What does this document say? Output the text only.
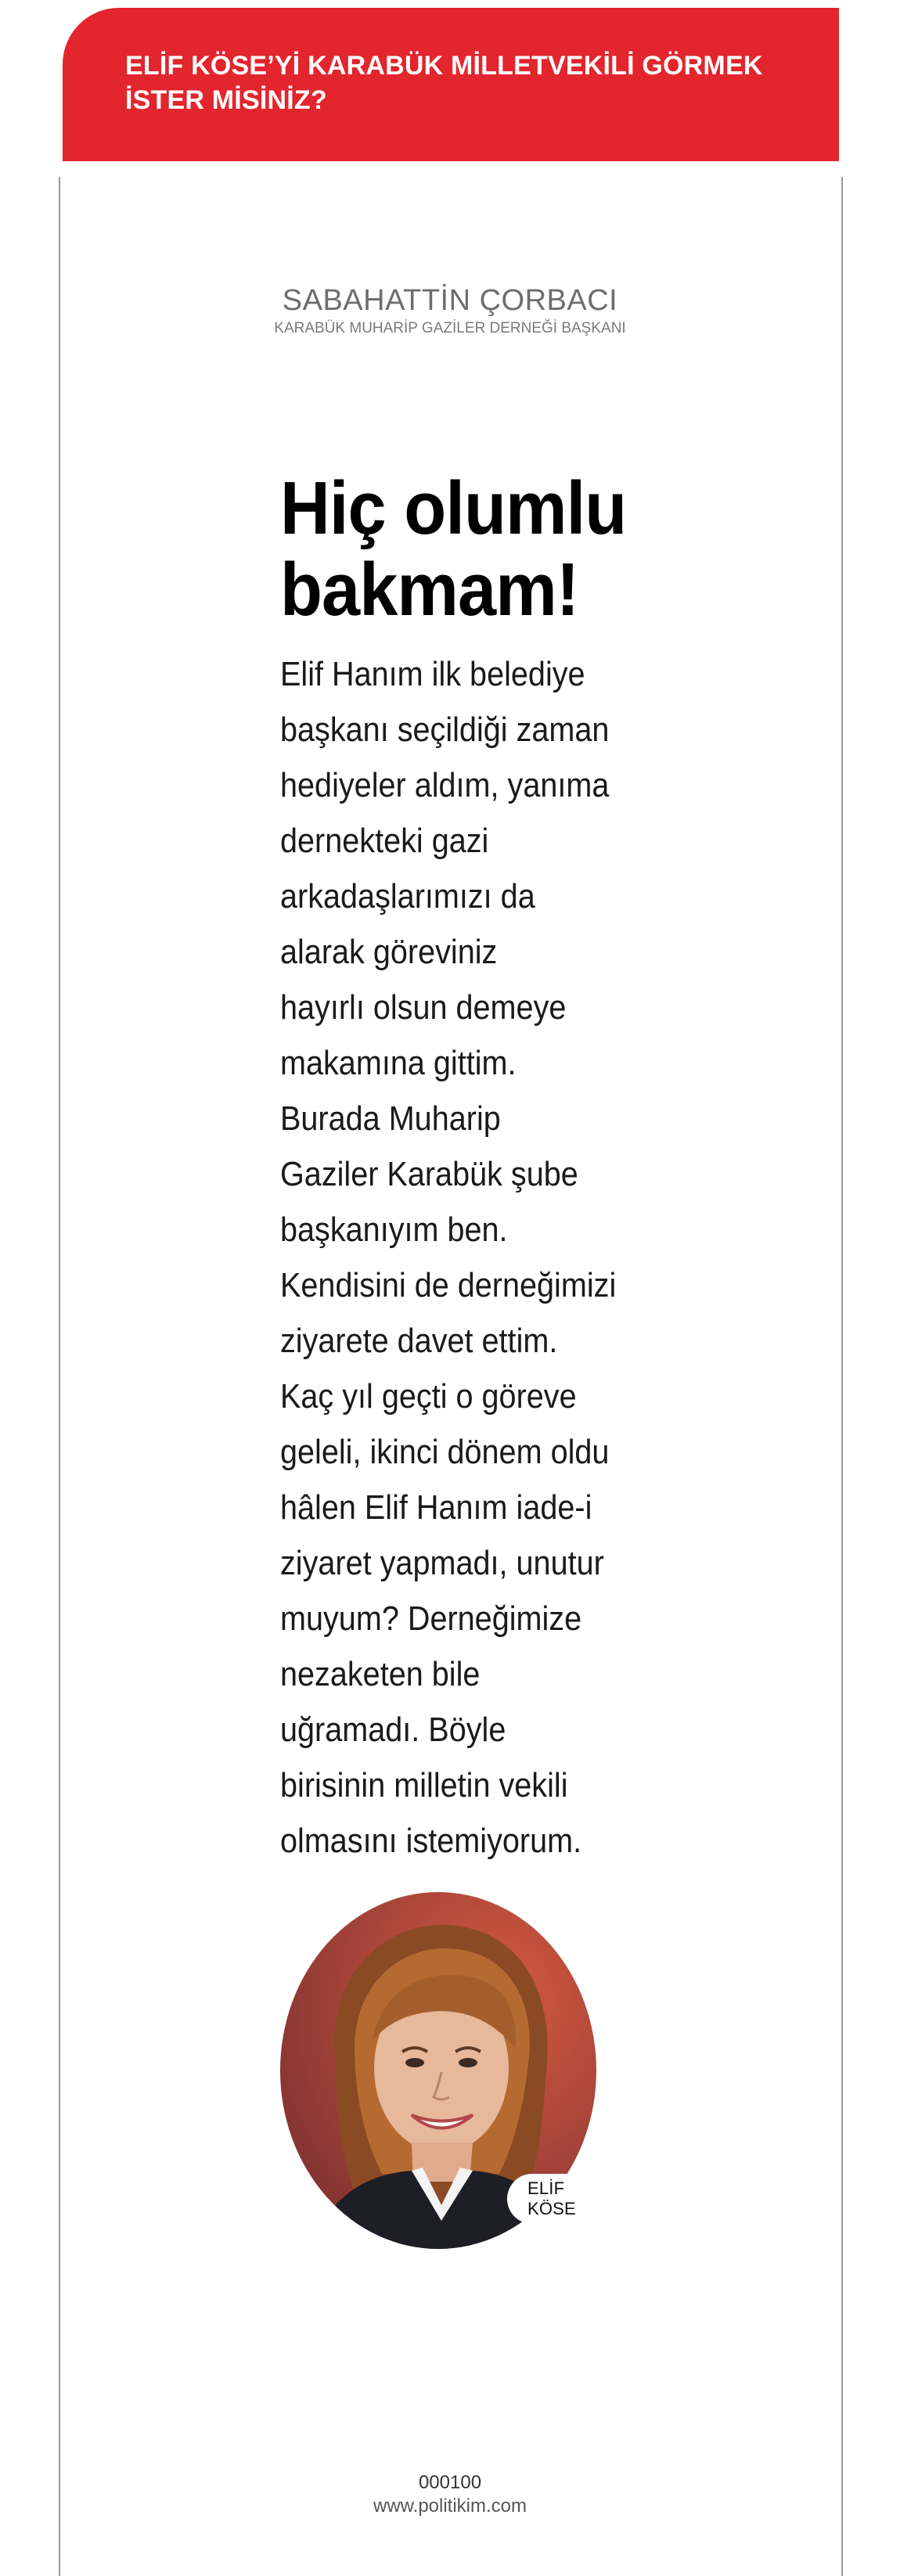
ELİF KÖSE’Yİ KARABÜK MİLLETVEKİLİ GÖRMEK
İSTER MİSİNİZ?
SABAHATTİN ÇORBACI
KARABÜK MUHARİP GAZİLER DERNEĞİ BAŞKANI
Hiç olumlu
bakmam!

Elif Hanım ilk belediye
başkanı seçildiği zaman
hediyeler aldım, yanıma
dernekteki gazi
arkadaşlarımızı da
alarak göreviniz
hayırlı olsun demeye
makamına gittim.
Burada Muharip
Gaziler Karabük şube
başkanıyım ben.
Kendisini de derneğimizi
ziyarete davet ettim.
Kaç yıl geçti o göreve
geleli, ikinci dönem oldu
hâlen Elif Hanım iade-i
ziyaret yapmadı, unutur
muyum? Derneğimize
nezaketen bile
uğramadı. Böyle
birisinin milletin vekili
olmasını istemiyorum.

ELİF KÖSE
000100
www.politikim.com
